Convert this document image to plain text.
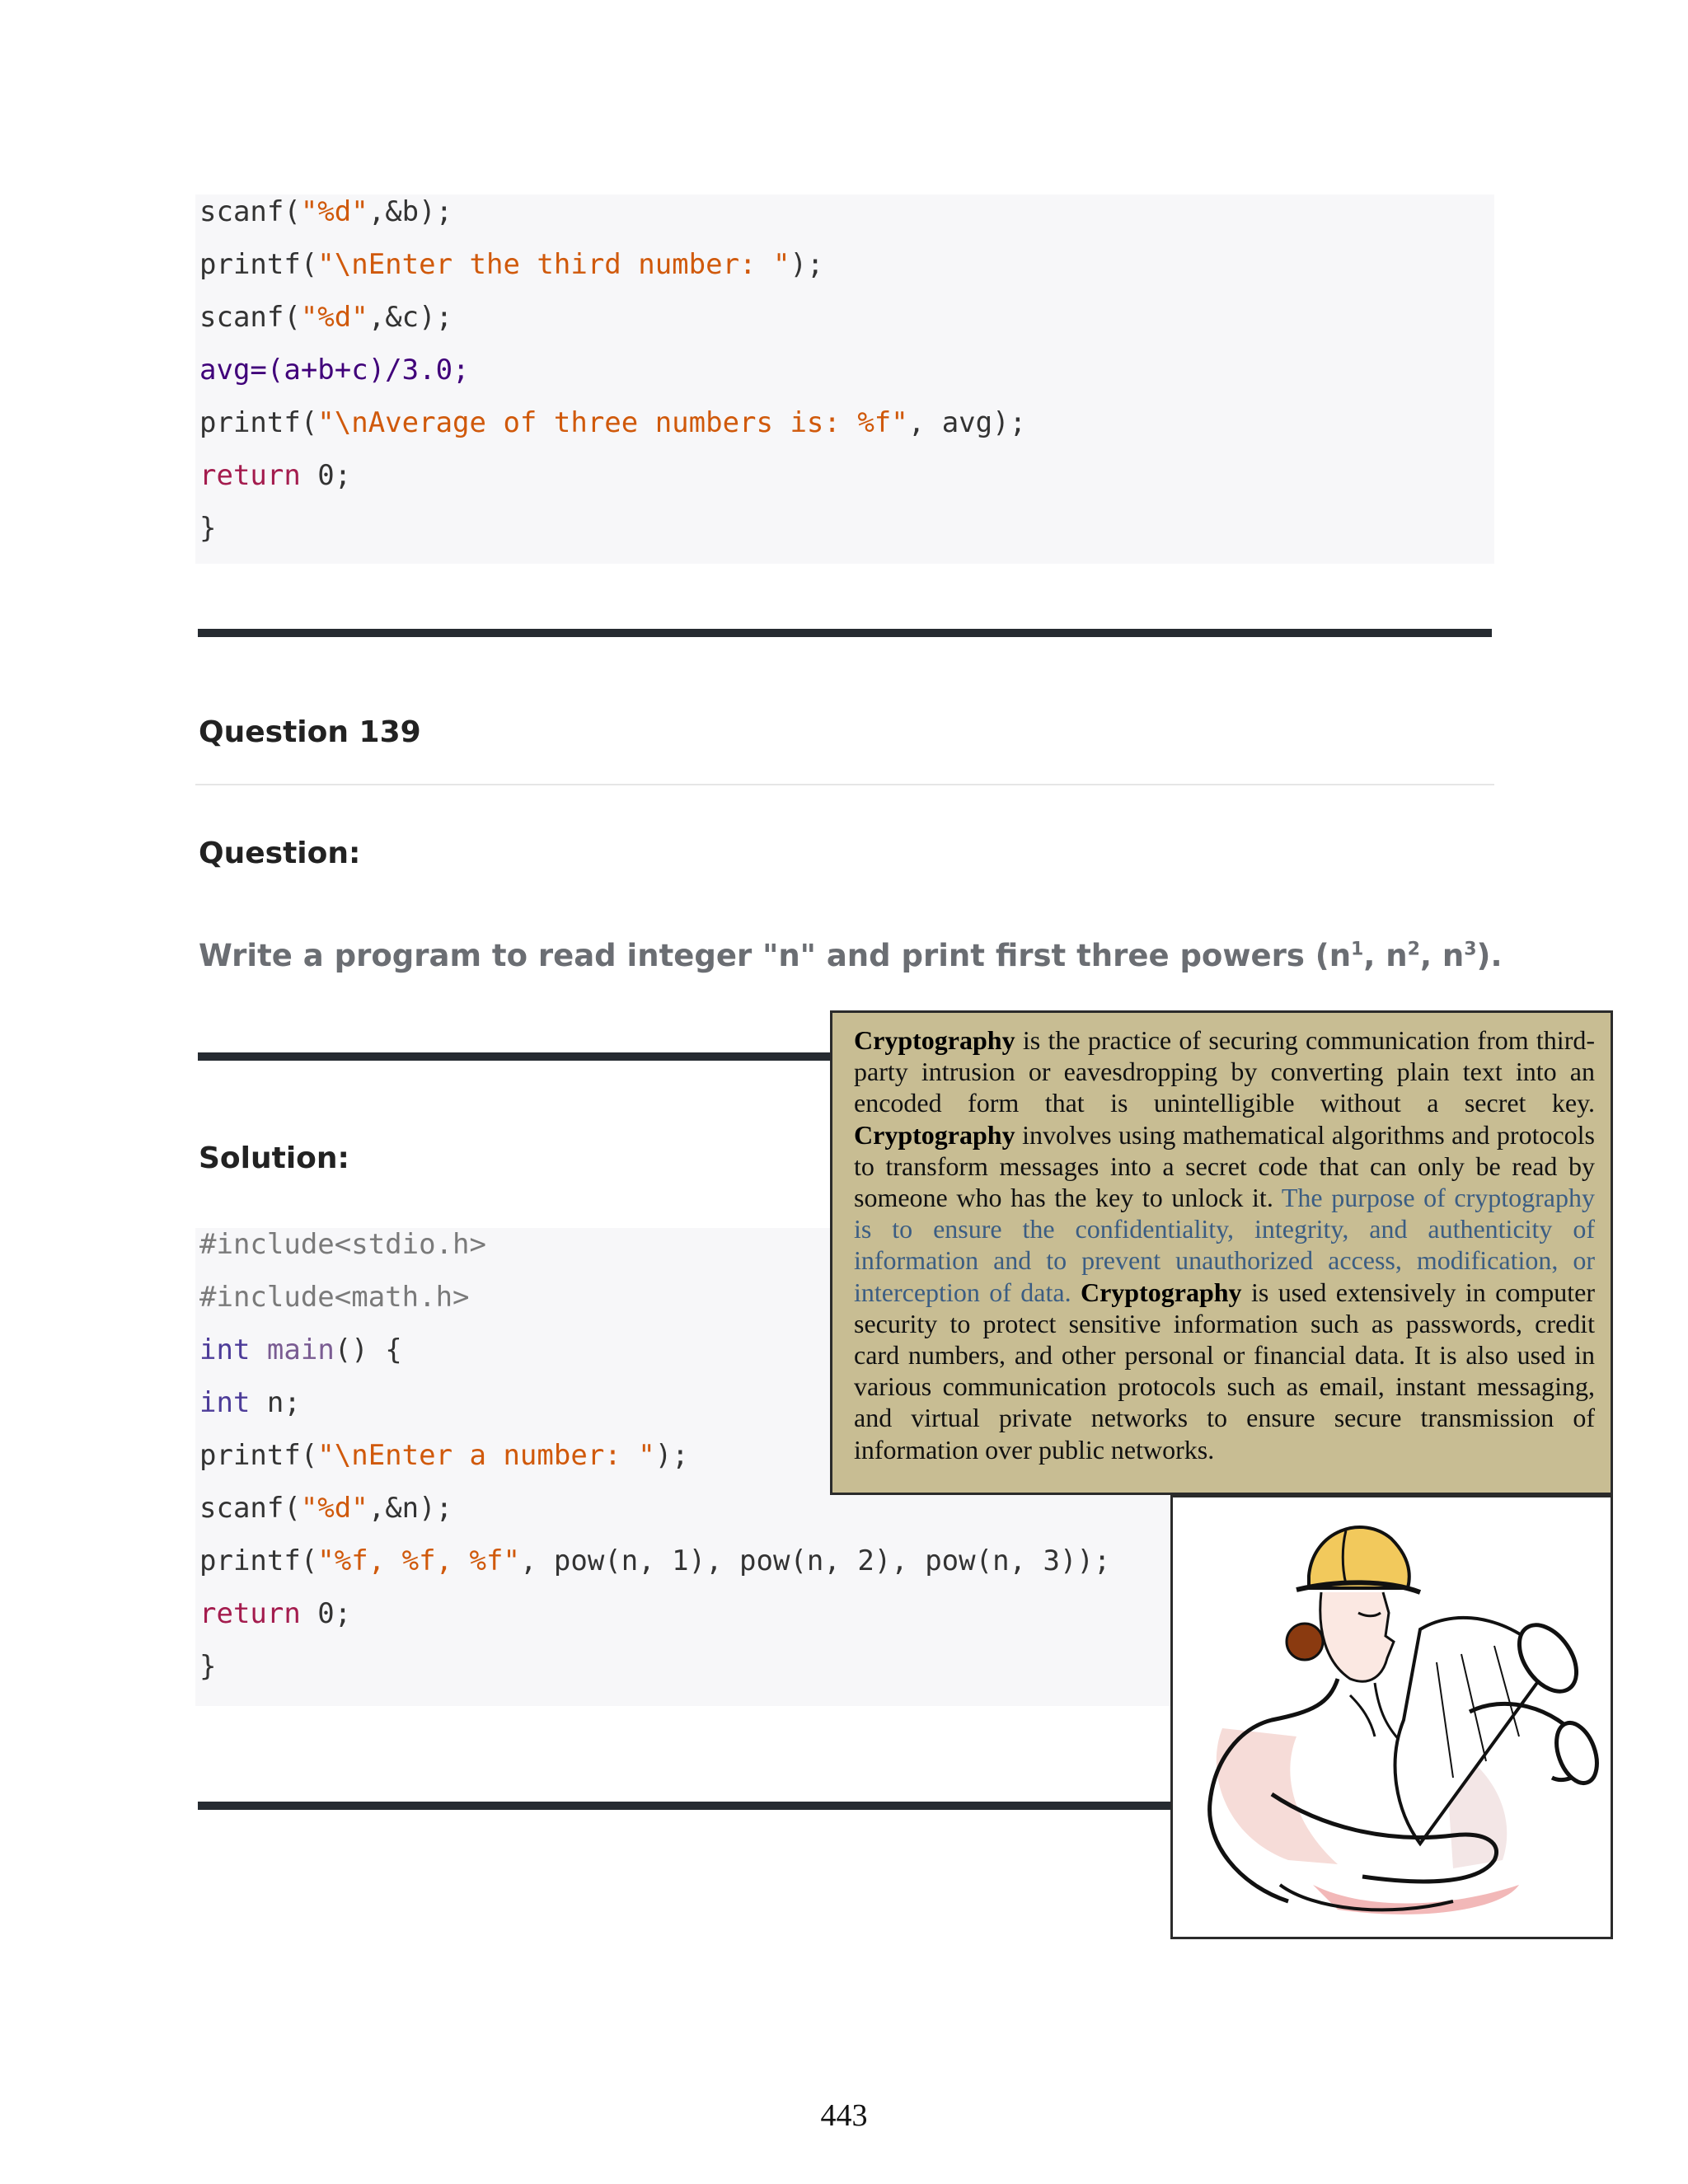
scanf("%d",&b);
printf("\nEnter the third number: ");
scanf("%d",&c);
avg=(a+b+c)/3.0;
printf("\nAverage of three numbers is: %f", avg);
return 0;
}
Question 139
Question:
Write a program to read integer "n" and print first three powers ($n^1$, $n^2$, $n^3$).
Solution:
#include<stdio.h>
#include<math.h>
int main() {
int n;
printf("\nEnter a number: ");
scanf("%d",&n);
printf("%f, %f, %f", pow(n, 1), pow(n, 2), pow(n, 3));
return 0;
}

Cryptography is the practice of securing communication from third-party intrusion or eavesdropping by converting plain text into an encoded form that is unintelligible without a secret key. Cryptography involves using mathematical algorithms and protocols to transform messages into a secret code that can only be read by someone who has the key to unlock it. The purpose of cryptography is to ensure the confidentiality, integrity, and authenticity of information and to prevent unauthorized access, modification, or interception of data. Cryptography is used extensively in computer security to protect sensitive information such as passwords, credit card numbers, and other personal or financial data. It is also used in various communication protocols such as email, instant messaging, and virtual private networks to ensure secure transmission of information over public networks.

443
